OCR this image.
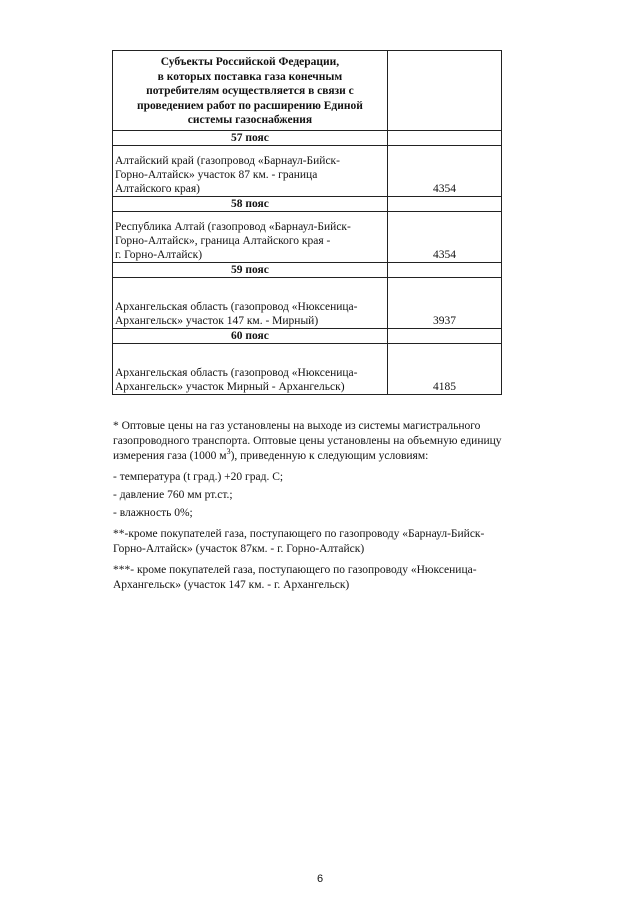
Субъекты Российской Федерации,
в которых поставка газа конечным
потребителям осуществляется в связи с
проведением работ по расширению Единой
системы газоснабжения	

57 пояс	

Алтайский край (газопровод «Барнаул-Бийск-
Горно-Алтайск» участок 87 км. - граница
Алтайского края)	4354
58 пояс	

Республика Алтай (газопровод «Барнаул-Бийск-
Горно-Алтайск», граница Алтайского края -
г. Горно-Алтайск)	4354
59 пояс	

Архангельская область (газопровод «Нюксеница-
Архангельск» участок 147 км. - Мирный)	3937
60 пояс	

Архангельская область (газопровод «Нюксеница-
Архангельск» участок Мирный - Архангельск)	4185

* Оптовые цены на газ установлены на выходе из системы магистрального

газопроводного транспорта. Оптовые цены установлены на объемную единицу

измерения газа (1000 $м^3$), приведенную к следующим условиям:

- температура (t град.) +20 град. С;

- давление 760 мм рт.ст.;

- влажность 0%;

**-кроме покупателей газа, поступающего по газопроводу «Барнаул-Бийск-

Горно-Алтайск» (участок 87км. - г. Горно-Алтайск)

***- кроме покупателей газа, поступающего по газопроводу «Нюксеница-

Архангельск» (участок 147 км. - г. Архангельск)

6
